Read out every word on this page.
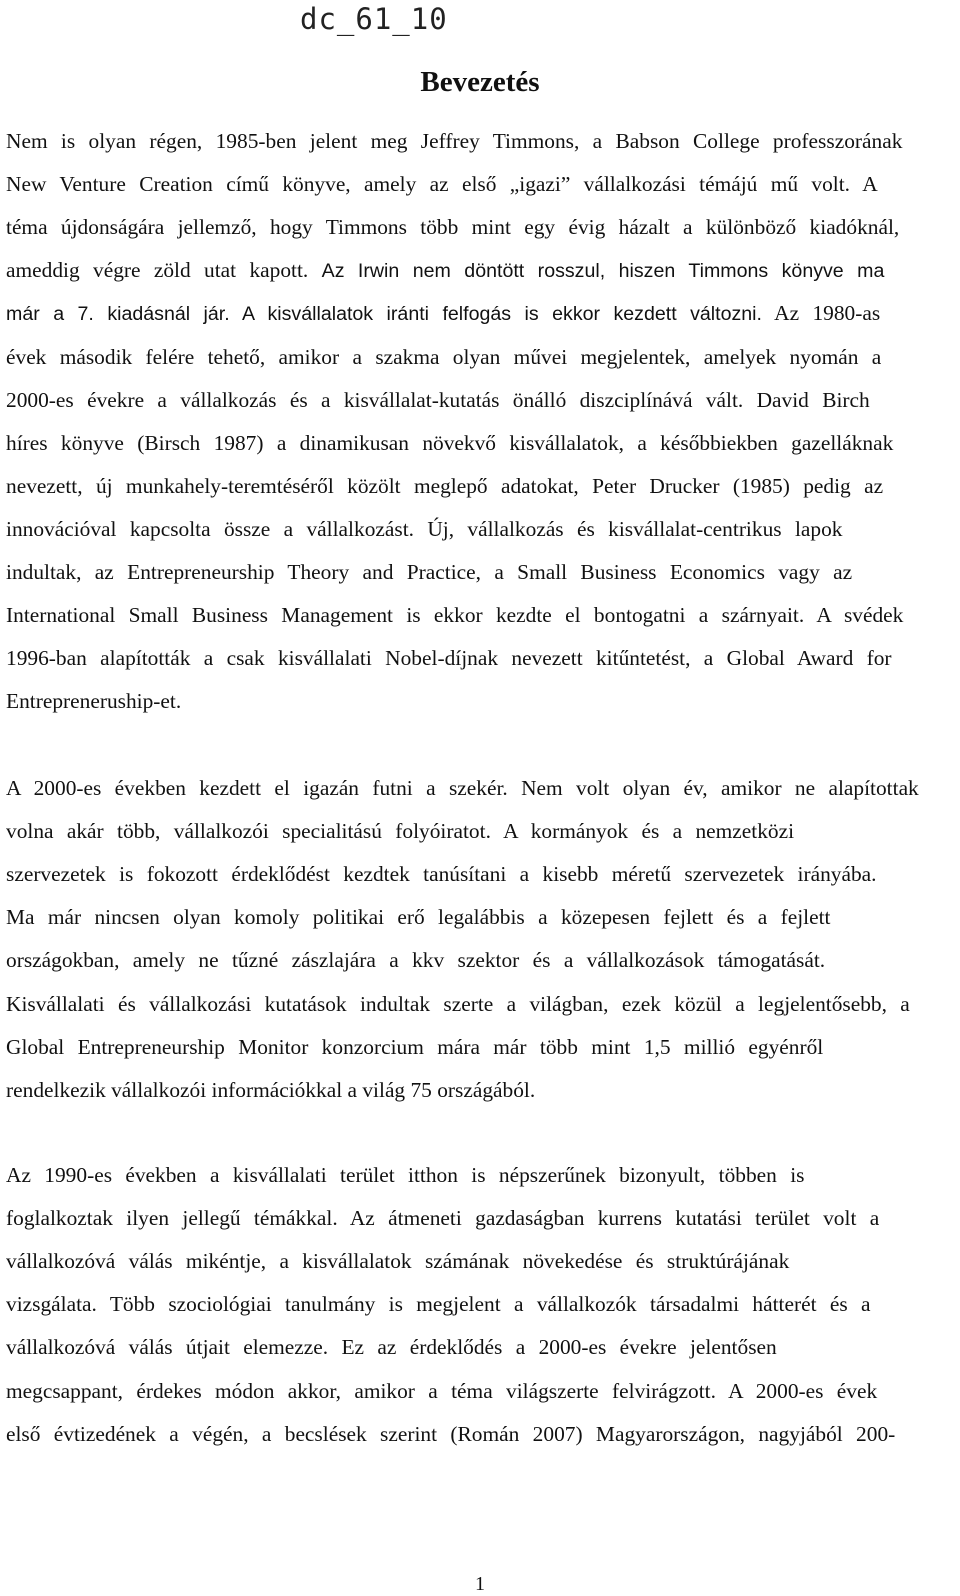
dc_61_10
Bevezetés
Nem is olyan régen, 1985-ben jelent meg Jeffrey Timmons, a Babson College professzorának
New Venture Creation című könyve, amely az első „igazi” vállalkozási témájú mű volt. A
téma újdonságára jellemző, hogy Timmons több mint egy évig házalt a különböző kiadóknál,
ameddig végre zöld utat kapott. Az Irwin nem döntött rosszul, hiszen Timmons könyve ma
már a 7. kiadásnál jár. A kisvállalatok iránti felfogás is ekkor kezdett változni. Az 1980-as
évek második felére tehető, amikor a szakma olyan művei megjelentek, amelyek nyomán a
2000-es évekre a vállalkozás és a kisvállalat-kutatás önálló diszciplínává vált. David Birch
híres könyve (Birsch 1987) a dinamikusan növekvő kisvállalatok, a későbbiekben gazelláknak
nevezett, új munkahely-teremtéséről közölt meglepő adatokat, Peter Drucker (1985) pedig az
innovációval kapcsolta össze a vállalkozást. Új, vállalkozás és kisvállalat-centrikus lapok
indultak, az Entrepreneurship Theory and Practice, a Small Business Economics vagy az
International Small Business Management is ekkor kezdte el bontogatni a szárnyait. A svédek
1996-ban alapították a csak kisvállalati Nobel-díjnak nevezett kitűntetést, a Global Award for
Entrepreneruship-et.
A 2000-es években kezdett el igazán futni a szekér. Nem volt olyan év, amikor ne alapítottak
volna akár több, vállalkozói specialitású folyóiratot. A kormányok és a nemzetközi
szervezetek is fokozott érdeklődést kezdtek tanúsítani a kisebb méretű szervezetek irányába.
Ma már nincsen olyan komoly politikai erő legalábbis a közepesen fejlett és a fejlett
országokban, amely ne tűzné zászlajára a kkv szektor és a vállalkozások támogatását.
Kisvállalati és vállalkozási kutatások indultak szerte a világban, ezek közül a legjelentősebb, a
Global Entrepreneurship Monitor konzorcium mára már több mint 1,5 millió egyénről
rendelkezik vállalkozói információkkal a világ 75 országából.
Az 1990-es években a kisvállalati terület itthon is népszerűnek bizonyult, többen is
foglalkoztak ilyen jellegű témákkal. Az átmeneti gazdaságban kurrens kutatási terület volt a
vállalkozóvá válás mikéntje, a kisvállalatok számának növekedése és struktúrájának
vizsgálata. Több szociológiai tanulmány is megjelent a vállalkozók társadalmi hátterét és a
vállalkozóvá válás útjait elemezze. Ez az érdeklődés a 2000-es évekre jelentősen
megcsappant, érdekes módon akkor, amikor a téma világszerte felvirágzott. A 2000-es évek
első évtizedének a végén, a becslések szerint (Román 2007) Magyarországon, nagyjából 200-
1
